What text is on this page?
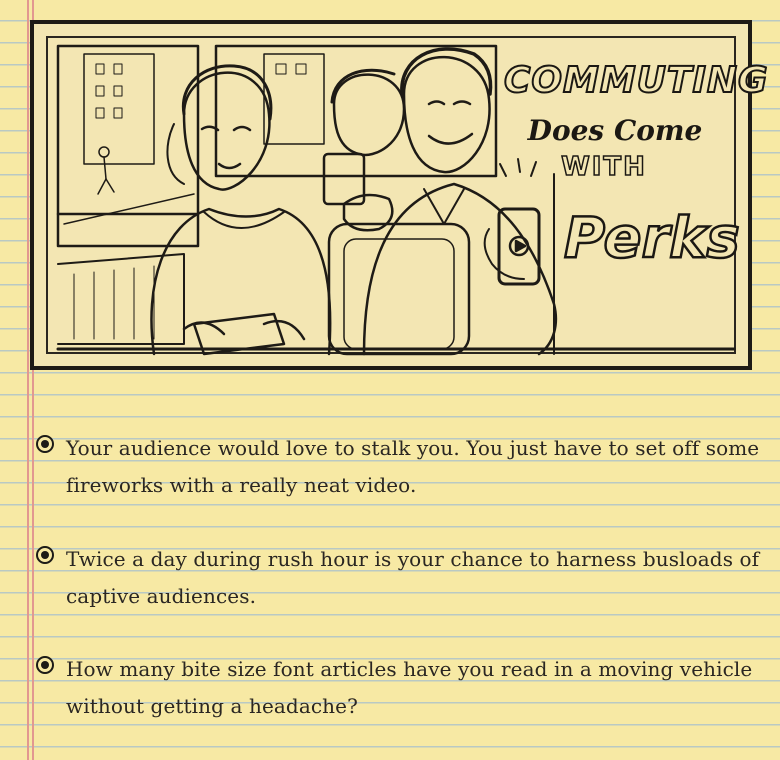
COMMUTING
Does Come
WITH
Perks
Your audience would love to stalk you. You just have to set off some fireworks with a really neat video.
Twice a day during rush hour is your chance to harness busloads of captive audiences.
How many bite size font articles have you read in a moving vehicle without getting a headache?
